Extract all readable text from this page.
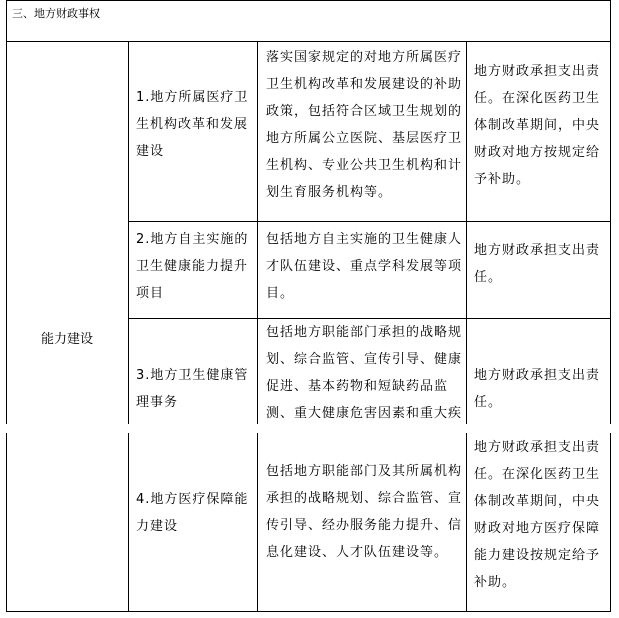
三、地方财政事权
能力建设
1.地方所属医疗卫生机构改革和发展建设
落实国家规定的对地方所属医疗卫生机构改革和发展建设的补助政策，包括符合区域卫生规划的地方所属公立医院、基层医疗卫生机构、专业公共卫生机构和计划生育服务机构等。
地方财政承担支出责任。在深化医药卫生体制改革期间，中央财政对地方按规定给予补助。
2.地方自主实施的卫生健康能力提升项目
包括地方自主实施的卫生健康人才队伍建设、重点学科发展等项目。
地方财政承担支出责任。
3.地方卫生健康管理事务
包括地方职能部门承担的战略规划、综合监管、宣传引导、健康促进、基本药物和短缺药品监测、重大健康危害因素和重大疾
地方财政承担支出责任。
4.地方医疗保障能力建设
包括地方职能部门及其所属机构承担的战略规划、综合监管、宣传引导、经办服务能力提升、信息化建设、人才队伍建设等。
地方财政承担支出责任。在深化医药卫生体制改革期间，中央财政对地方医疗保障能力建设按规定给予补助。
